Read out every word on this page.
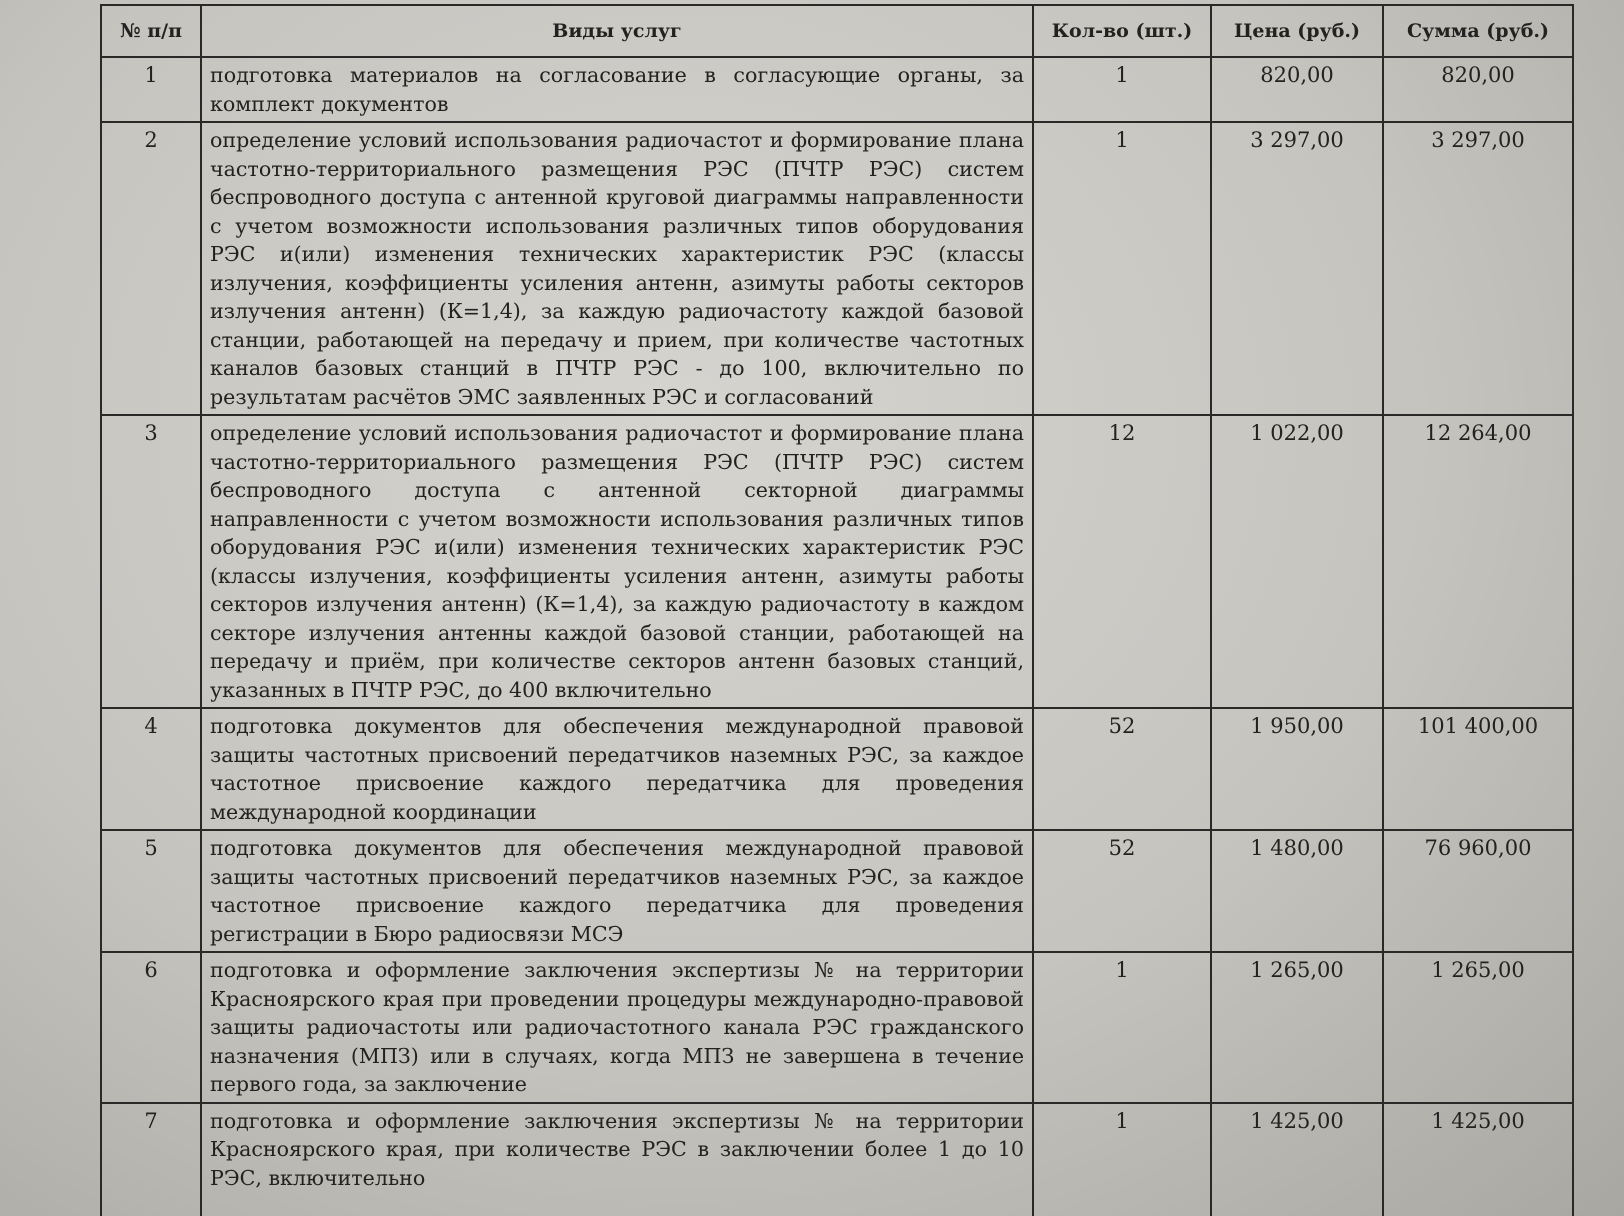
№ п/п	Виды услуг	Кол-во (шт.)	Цена (руб.)	Сумма (руб.)
1	подготовка материалов на согласование в согласующие органы, за комплект документов	1	820,00	820,00
2	определение условий использования радиочастот и формирование плана частотно-территориального размещения РЭС (ПЧТР РЭС) систем беспроводного доступа с антенной круговой диаграммы направленности с учетом возможности использования различных типов оборудования РЭС и(или) изменения технических характеристик РЭС (классы излучения, коэффициенты усиления антенн, азимуты работы секторов излучения антенн) (К=1,4), за каждую радиочастоту каждой базовой станции, работающей на передачу и прием, при количестве частотных каналов базовых станций в ПЧТР РЭС - до 100, включительно по результатам расчётов ЭМС заявленных РЭС и согласований	1	3 297,00	3 297,00
3	определение условий использования радиочастот и формирование плана частотно-территориального размещения РЭС (ПЧТР РЭС) систем беспроводного доступа с антенной секторной диаграммы направленности с учетом возможности использования различных типов оборудования РЭС и(или) изменения технических характеристик РЭС (классы излучения, коэффициенты усиления антенн, азимуты работы секторов излучения антенн) (К=1,4), за каждую радиочастоту в каждом секторе излучения антенны каждой базовой станции, работающей на передачу и приём, при количестве секторов антенн базовых станций, указанных в ПЧТР РЭС, до 400 включительно	12	1 022,00	12 264,00
4	подготовка документов для обеспечения международной правовой защиты частотных присвоений передатчиков наземных РЭС, за каждое частотное присвоение каждого передатчика для проведения международной координации	52	1 950,00	101 400,00
5	подготовка документов для обеспечения международной правовой защиты частотных присвоений передатчиков наземных РЭС, за каждое частотное присвоение каждого передатчика для проведения регистрации в Бюро радиосвязи МСЭ	52	1 480,00	76 960,00
6	подготовка и оформление заключения экспертизы № на территории Красноярского края при проведении процедуры международно-правовой защиты радиочастоты или радиочастотного канала РЭС гражданского назначения (МПЗ) или в случаях, когда МПЗ не завершена в течение первого года, за заключение	1	1 265,00	1 265,00
7	подготовка и оформление заключения экспертизы № на территории Красноярского края, при количестве РЭС в заключении более 1 до 10 РЭС, включительно	1	1 425,00	1 425,00
